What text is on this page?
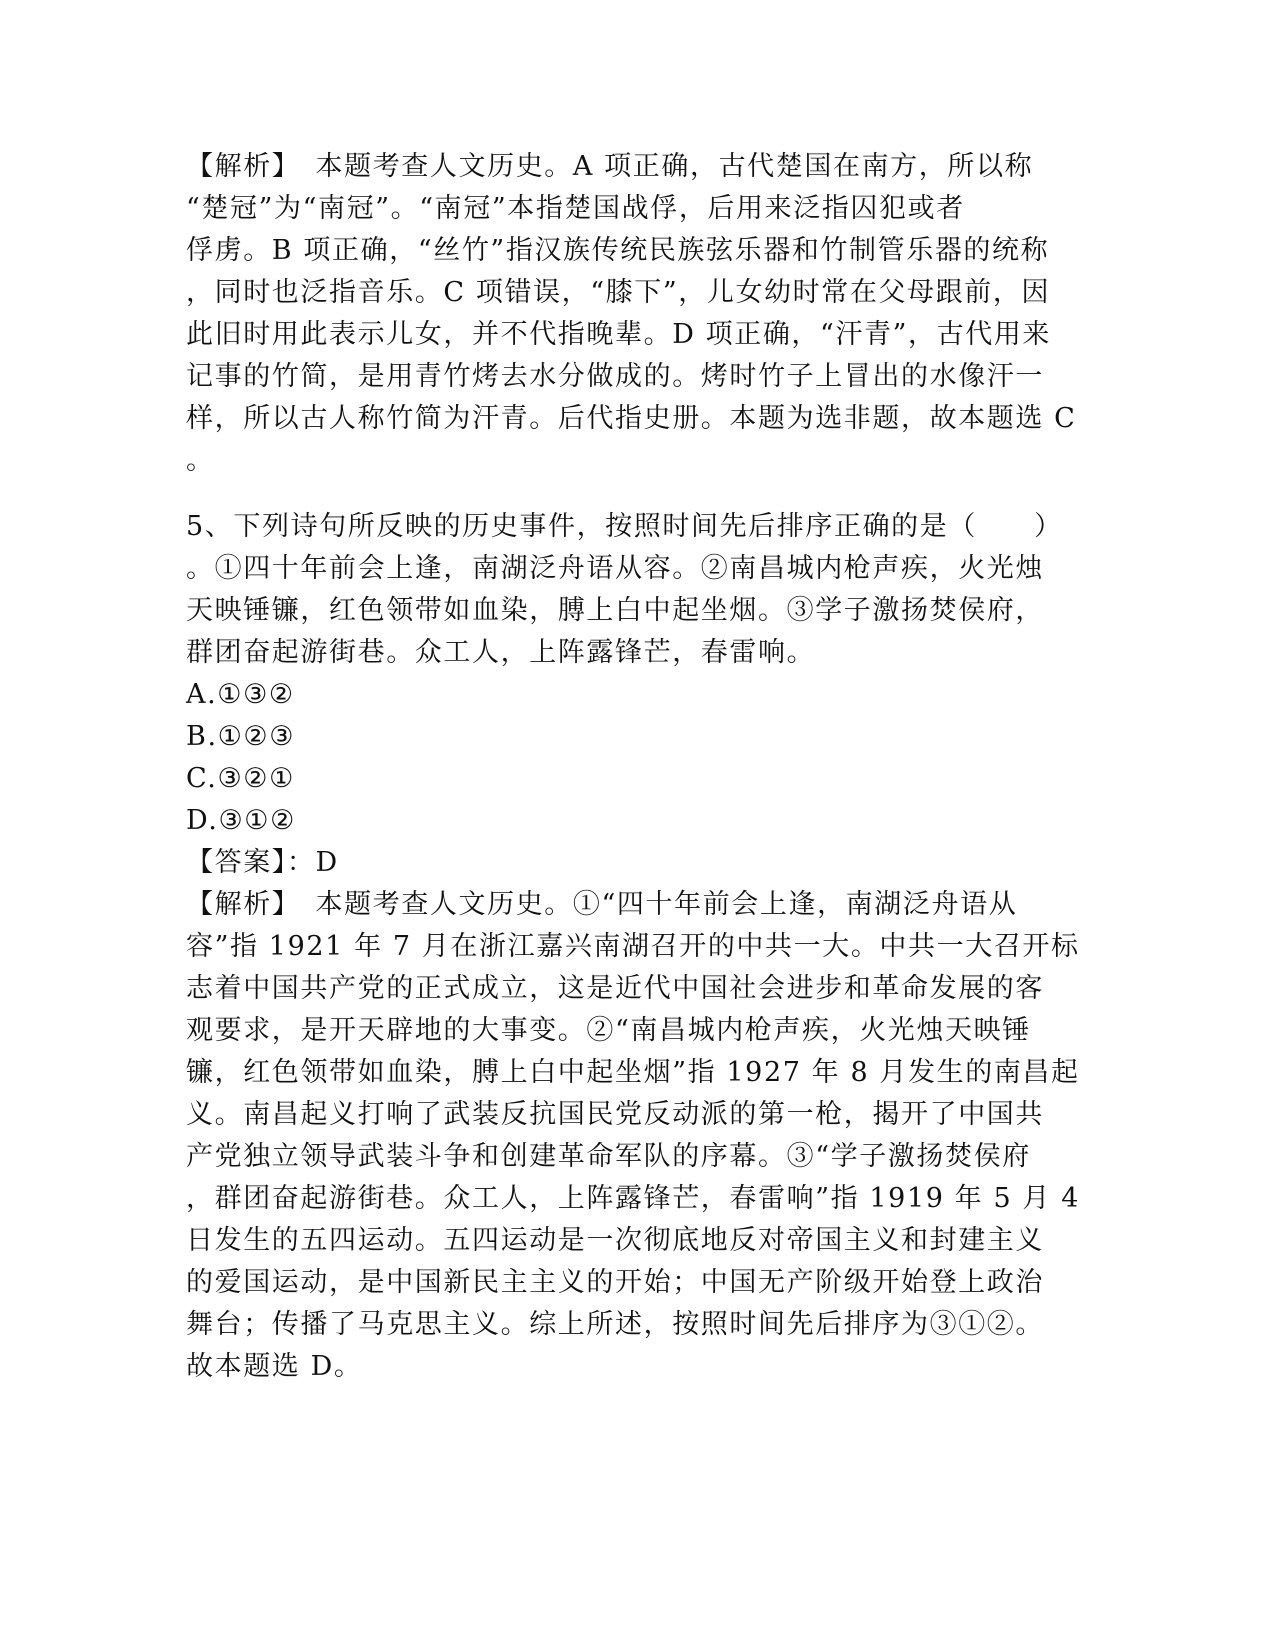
【解析】　本题考查人文历史。A 项正确，古代楚国在南方，所以称
“楚冠”为“南冠”。“南冠”本指楚国战俘，后用来泛指囚犯或者
俘虏。B 项正确，“丝竹”指汉族传统民族弦乐器和竹制管乐器的统称
，同时也泛指音乐。C 项错误，“膝下”，儿女幼时常在父母跟前，因
此旧时用此表示儿女，并不代指晚辈。D 项正确，“汗青”，古代用来
记事的竹简，是用青竹烤去水分做成的。烤时竹子上冒出的水像汗一
样，所以古人称竹简为汗青。后代指史册。本题为选非题，故本题选 C
。
5、下列诗句所反映的历史事件，按照时间先后排序正确的是（　　）
。①四十年前会上逢，南湖泛舟语从容。②南昌城内枪声疾，火光烛
天映锤镰，红色领带如血染，膊上白中起坐烟。③学子激扬焚侯府，
群团奋起游街巷。众工人，上阵露锋芒，春雷响。
A.①③②
B.①②③
C.③②①
D.③①②
【答案】：D
【解析】　本题考查人文历史。①“四十年前会上逢，南湖泛舟语从
容”指 1921 年 7 月在浙江嘉兴南湖召开的中共一大。中共一大召开标
志着中国共产党的正式成立，这是近代中国社会进步和革命发展的客
观要求，是开天辟地的大事变。②“南昌城内枪声疾，火光烛天映锤
镰，红色领带如血染，膊上白中起坐烟”指 1927 年 8 月发生的南昌起
义。南昌起义打响了武装反抗国民党反动派的第一枪，揭开了中国共
产党独立领导武装斗争和创建革命军队的序幕。③“学子激扬焚侯府
，群团奋起游街巷。众工人，上阵露锋芒，春雷响”指 1919 年 5 月 4
日发生的五四运动。五四运动是一次彻底地反对帝国主义和封建主义
的爱国运动，是中国新民主主义的开始；中国无产阶级开始登上政治
舞台；传播了马克思主义。综上所述，按照时间先后排序为③①②。
故本题选 D。
